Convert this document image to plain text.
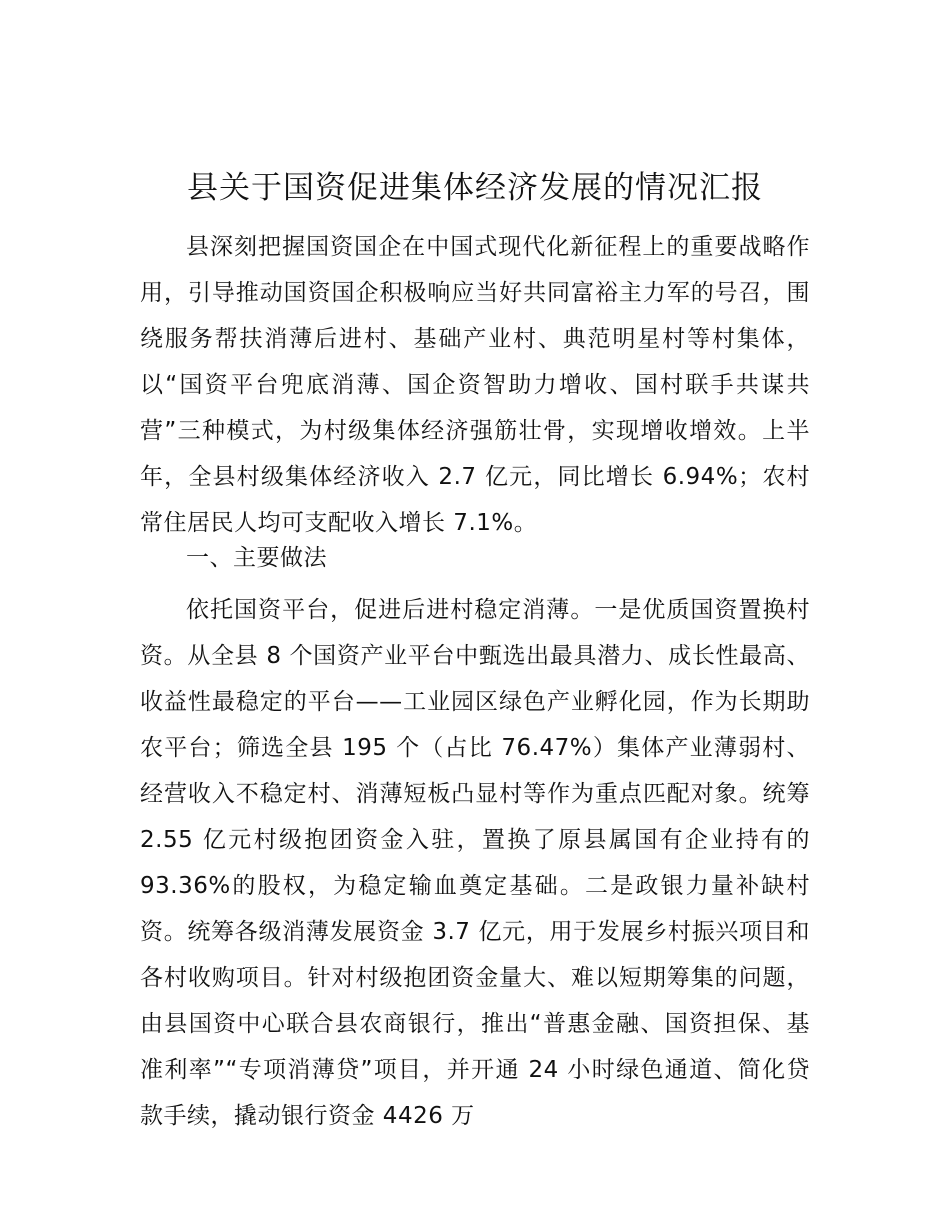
县关于国资促进集体经济发展的情况汇报

县深刻把握国资国企在中国式现代化新征程上的重要战略作用，引导推动国资国企积极响应当好共同富裕主力军的号召，围绕服务帮扶消薄后进村、基础产业村、典范明星村等村集体，以“国资平台兜底消薄、国企资智助力增收、国村联手共谋共营”三种模式，为村级集体经济强筋壮骨，实现增收增效。上半年，全县村级集体经济收入 2.7 亿元，同比增长 6.94%；农村常住居民人均可支配收入增长 7.1%。

一、主要做法

依托国资平台，促进后进村稳定消薄。一是优质国资置换村资。从全县 8 个国资产业平台中甄选出最具潜力、成长性最高、收益性最稳定的平台——工业园区绿色产业孵化园，作为长期助农平台；筛选全县 195 个（占比 76.47%）集体产业薄弱村、经营收入不稳定村、消薄短板凸显村等作为重点匹配对象。统筹 2.55 亿元村级抱团资金入驻，置换了原县属国有企业持有的 93.36%的股权，为稳定输血奠定基础。二是政银力量补缺村资。统筹各级消薄发展资金 3.7 亿元，用于发展乡村振兴项目和各村收购项目。针对村级抱团资金量大、难以短期筹集的问题，由县国资中心联合县农商银行，推出“普惠金融、国资担保、基准利率”“专项消薄贷”项目，并开通 24 小时绿色通道、简化贷款手续，撬动银行资金 4426 万
